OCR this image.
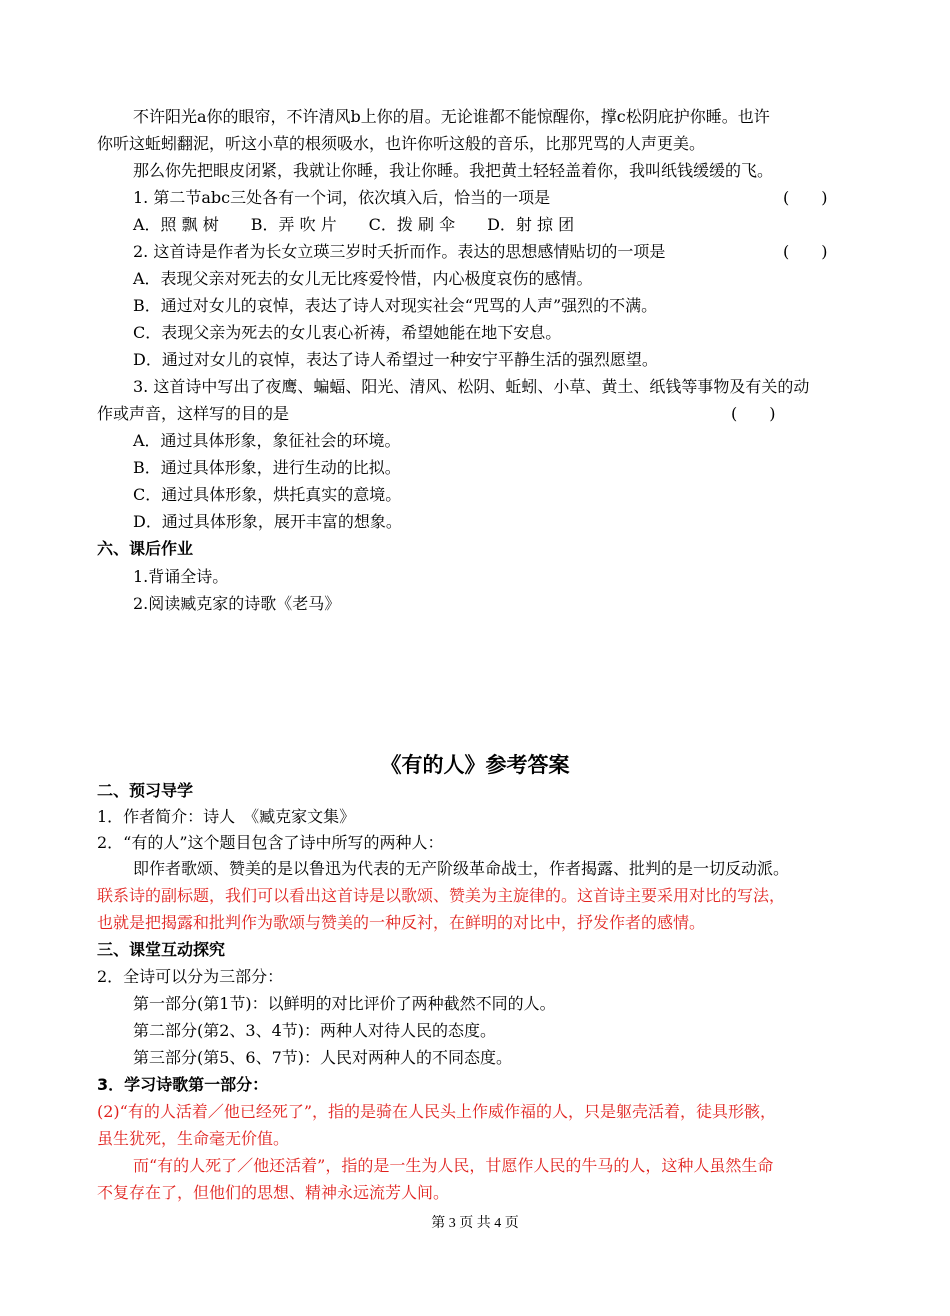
不许阳光a你的眼帘，不许清风b上你的眉。无论谁都不能惊醒你，撑c松阴庇护你睡。也许
你听这蚯蚓翻泥，听这小草的根须吸水，也许你听这般的音乐，比那咒骂的人声更美。
那么你先把眼皮闭紧，我就让你睡，我让你睡。我把黄土轻轻盖着你，我叫纸钱缓缓的飞。
1. 第二节abc三处各有一个词，依次填入后，恰当的一项是	(　　)
A．照 飘 树　　B．弄 吹 片　　C．拨 刷 伞　　D．射 掠 团
2. 这首诗是作者为长女立瑛三岁时夭折而作。表达的思想感情贴切的一项是	(　　)
A．表现父亲对死去的女儿无比疼爱怜惜，内心极度哀伤的感情。
B．通过对女儿的哀悼，表达了诗人对现实社会“咒骂的人声”强烈的不满。
C．表现父亲为死去的女儿衷心祈祷，希望她能在地下安息。
D．通过对女儿的哀悼，表达了诗人希望过一种安宁平静生活的强烈愿望。
3. 这首诗中写出了夜鹰、蝙蝠、阳光、清风、松阴、蚯蚓、小草、黄土、纸钱等事物及有关的动
作或声音，这样写的目的是	(　　)
A．通过具体形象，象征社会的环境。
B．通过具体形象，进行生动的比拟。
C．通过具体形象，烘托真实的意境。
D．通过具体形象，展开丰富的想象。
六、课后作业
1.背诵全诗。
2.阅读臧克家的诗歌《老马》
《有的人》参考答案
二、预习导学
1．作者简介：诗人　《臧克家文集》
2．“有的人”这个题目包含了诗中所写的两种人：
即作者歌颂、赞美的是以鲁迅为代表的无产阶级革命战士，作者揭露、批判的是一切反动派。
联系诗的副标题，我们可以看出这首诗是以歌颂、赞美为主旋律的。这首诗主要采用对比的写法，
也就是把揭露和批判作为歌颂与赞美的一种反衬，在鲜明的对比中，抒发作者的感情。
三、课堂互动探究
2．全诗可以分为三部分：
第一部分(第1节)：以鲜明的对比评价了两种截然不同的人。
第二部分(第2、3、4节)：两种人对待人民的态度。
第三部分(第5、6、7节)：人民对两种人的不同态度。
3．学习诗歌第一部分：
(2)“有的人活着／他已经死了”，指的是骑在人民头上作威作福的人，只是躯壳活着，徒具形骸，
虽生犹死，生命毫无价值。
而“有的人死了／他还活着”，指的是一生为人民，甘愿作人民的牛马的人，这种人虽然生命
不复存在了，但他们的思想、精神永远流芳人间。
第 3 页 共 4 页
